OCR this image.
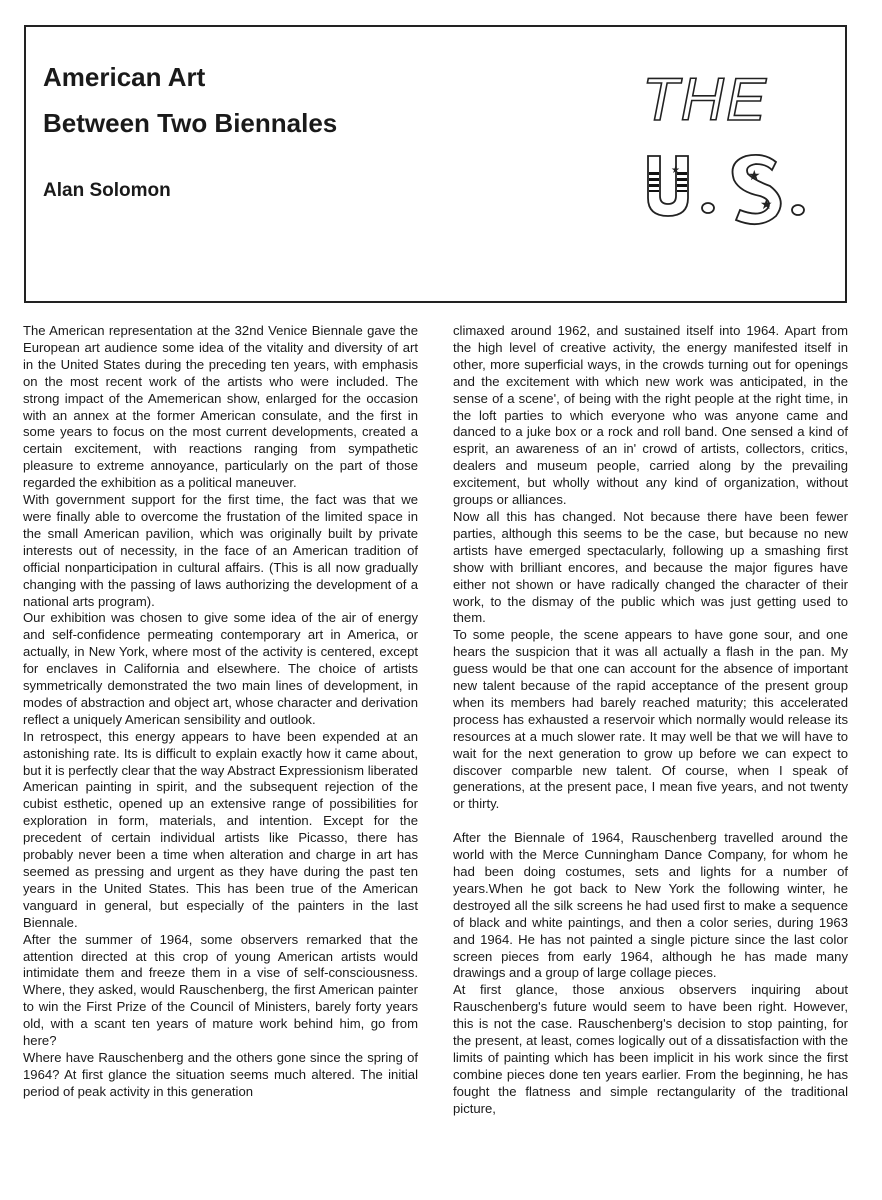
American Art
Between Two Biennales

Alan Solomon

THE
★
★
★

The American representation at the 32nd Venice Biennale gave the European art audience some idea of the vitality and diversity of art in the United States during the preceding ten years, with emphasis on the most recent work of the artists who were included. The strong impact of the Amemerican show, enlarged for the occasion with an annex at the former American consulate, and the first in some years to focus on the most current developments, created a certain excitement, with reactions ranging from sympathetic pleasure to extreme annoyance, particularly on the part of those regarded the exhibition as a political maneuver.

With government support for the first time, the fact was that we were finally able to overcome the frustation of the limited space in the small American pavilion, which was originally built by private interests out of necessity, in the face of an American tradition of official nonparticipation in cultural affairs. (This is all now gradually changing with the passing of laws authorizing the development of a national arts program).

Our exhibition was chosen to give some idea of the air of energy and self-confidence permeating contemporary art in America, or actually, in New York, where most of the activity is centered, except for enclaves in California and elsewhere. The choice of artists symmetrically demonstrated the two main lines of development, in modes of abstraction and object art, whose character and derivation reflect a uniquely American sensibility and outlook.

In retrospect, this energy appears to have been expended at an astonishing rate. Its is difficult to explain exactly how it came about, but it is perfectly clear that the way Abstract Expressionism liberated American painting in spirit, and the subsequent rejection of the cubist esthetic, opened up an extensive range of possibilities for exploration in form, materials, and intention. Except for the precedent of certain individual artists like Picasso, there has probably never been a time when alteration and charge in art has seemed as pressing and urgent as they have during the past ten years in the United States. This has been true of the American vanguard in general, but especially of the painters in the last Biennale.

After the summer of 1964, some observers remarked that the attention directed at this crop of young American artists would intimidate them and freeze them in a vise of self-consciousness. Where, they asked, would Rauschenberg, the first American painter to win the First Prize of the Council of Ministers, barely forty years old, with a scant ten years of mature work behind him, go from here?

Where have Rauschenberg and the others gone since the spring of 1964? At first glance the situation seems much altered. The initial period of peak activity in this generation

climaxed around 1962, and sustained itself into 1964. Apart from the high level of creative activity, the energy manifested itself in other, more superficial ways, in the crowds turning out for openings and the excitement with which new work was anticipated, in the sense of a scene', of being with the right people at the right time, in the loft parties to which everyone who was anyone came and danced to a juke box or a rock and roll band. One sensed a kind of esprit, an awareness of an in' crowd of artists, collectors, critics, dealers and museum people, carried along by the prevailing excitement, but wholly without any kind of organization, without groups or alliances.

Now all this has changed. Not because there have been fewer parties, although this seems to be the case, but because no new artists have emerged spectacularly, following up a smashing first show with brilliant encores, and because the major figures have either not shown or have radically changed the character of their work, to the dismay of the public which was just getting used to them.

To some people, the scene appears to have gone sour, and one hears the suspicion that it was all actually a flash in the pan. My guess would be that one can account for the absence of important new talent because of the rapid acceptance of the present group when its members had barely reached maturity; this accelerated process has exhausted a reservoir which normally would release its resources at a much slower rate. It may well be that we will have to wait for the next generation to grow up before we can expect to discover comparble new talent. Of course, when I speak of generations, at the present pace, I mean five years, and not twenty or thirty.

After the Biennale of 1964, Rauschenberg travelled around the world with the Merce Cunningham Dance Company, for whom he had been doing costumes, sets and lights for a number of years.When he got back to New York the following winter, he destroyed all the silk screens he had used first to make a sequence of black and white paintings, and then a color series, during 1963 and 1964. He has not painted a single picture since the last color screen pieces from early 1964, although he has made many drawings and a group of large collage pieces.

At first glance, those anxious observers inquiring about Rauschenberg's future would seem to have been right. However, this is not the case. Rauschenberg's decision to stop painting, for the present, at least, comes logically out of a dissatisfaction with the limits of painting which has been implicit in his work since the first combine pieces done ten years earlier. From the beginning, he has fought the flatness and simple rectangularity of the traditional picture,
